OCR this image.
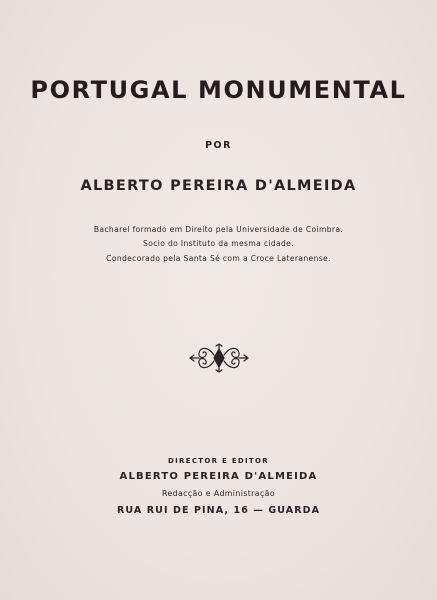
PORTUGAL MONUMENTAL
POR
ALBERTO PEREIRA D'ALMEIDA
Bacharel formado em Direito pela Universidade de Coimbra.
Socio do Instituto da mesma cidade.
Condecorado pela Santa Sé com a Croce Lateranense.
DIRECTOR E EDITOR
ALBERTO PEREIRA D'ALMEIDA
Redacção e Administração
RUA RUI DE PINA, 16 — GUARDA
